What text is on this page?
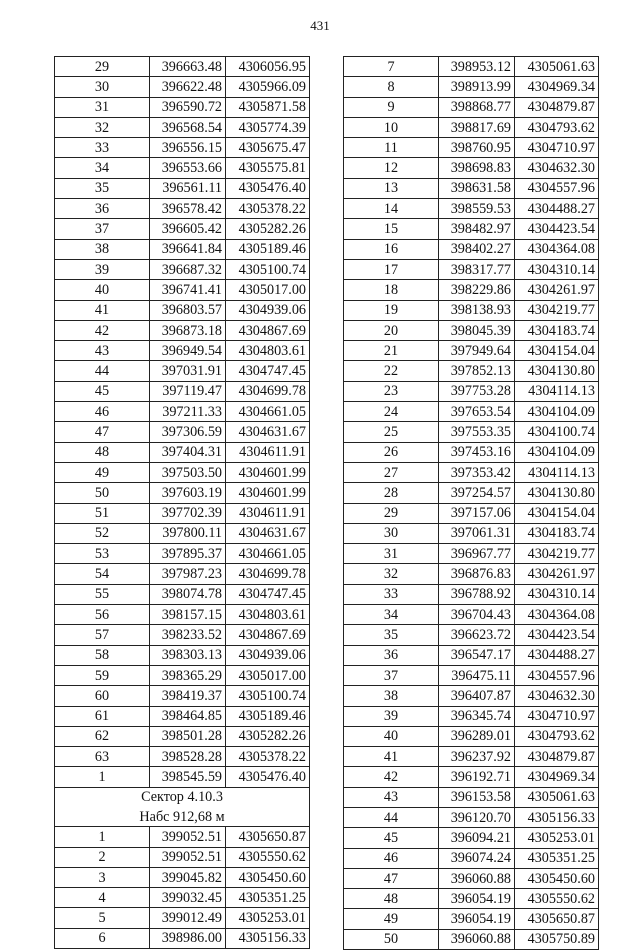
431
29	396663.48	4306056.95
30	396622.48	4305966.09
31	396590.72	4305871.58
32	396568.54	4305774.39
33	396556.15	4305675.47
34	396553.66	4305575.81
35	396561.11	4305476.40
36	396578.42	4305378.22
37	396605.42	4305282.26
38	396641.84	4305189.46
39	396687.32	4305100.74
40	396741.41	4305017.00
41	396803.57	4304939.06
42	396873.18	4304867.69
43	396949.54	4304803.61
44	397031.91	4304747.45
45	397119.47	4304699.78
46	397211.33	4304661.05
47	397306.59	4304631.67
48	397404.31	4304611.91
49	397503.50	4304601.99
50	397603.19	4304601.99
51	397702.39	4304611.91
52	397800.11	4304631.67
53	397895.37	4304661.05
54	397987.23	4304699.78
55	398074.78	4304747.45
56	398157.15	4304803.61
57	398233.52	4304867.69
58	398303.13	4304939.06
59	398365.29	4305017.00
60	398419.37	4305100.74
61	398464.85	4305189.46
62	398501.28	4305282.26
63	398528.28	4305378.22
1	398545.59	4305476.40
Сектор 4.10.3		
Набс 912,68 м		
1	399052.51	4305650.87
2	399052.51	4305550.62
3	399045.82	4305450.60
4	399032.45	4305351.25
5	399012.49	4305253.01
6	398986.00	4305156.33
7	398953.12	4305061.63
8	398913.99	4304969.34
9	398868.77	4304879.87
10	398817.69	4304793.62
11	398760.95	4304710.97
12	398698.83	4304632.30
13	398631.58	4304557.96
14	398559.53	4304488.27
15	398482.97	4304423.54
16	398402.27	4304364.08
17	398317.77	4304310.14
18	398229.86	4304261.97
19	398138.93	4304219.77
20	398045.39	4304183.74
21	397949.64	4304154.04
22	397852.13	4304130.80
23	397753.28	4304114.13
24	397653.54	4304104.09
25	397553.35	4304100.74
26	397453.16	4304104.09
27	397353.42	4304114.13
28	397254.57	4304130.80
29	397157.06	4304154.04
30	397061.31	4304183.74
31	396967.77	4304219.77
32	396876.83	4304261.97
33	396788.92	4304310.14
34	396704.43	4304364.08
35	396623.72	4304423.54
36	396547.17	4304488.27
37	396475.11	4304557.96
38	396407.87	4304632.30
39	396345.74	4304710.97
40	396289.01	4304793.62
41	396237.92	4304879.87
42	396192.71	4304969.34
43	396153.58	4305061.63
44	396120.70	4305156.33
45	396094.21	4305253.01
46	396074.24	4305351.25
47	396060.88	4305450.60
48	396054.19	4305550.62
49	396054.19	4305650.87
50	396060.88	4305750.89
